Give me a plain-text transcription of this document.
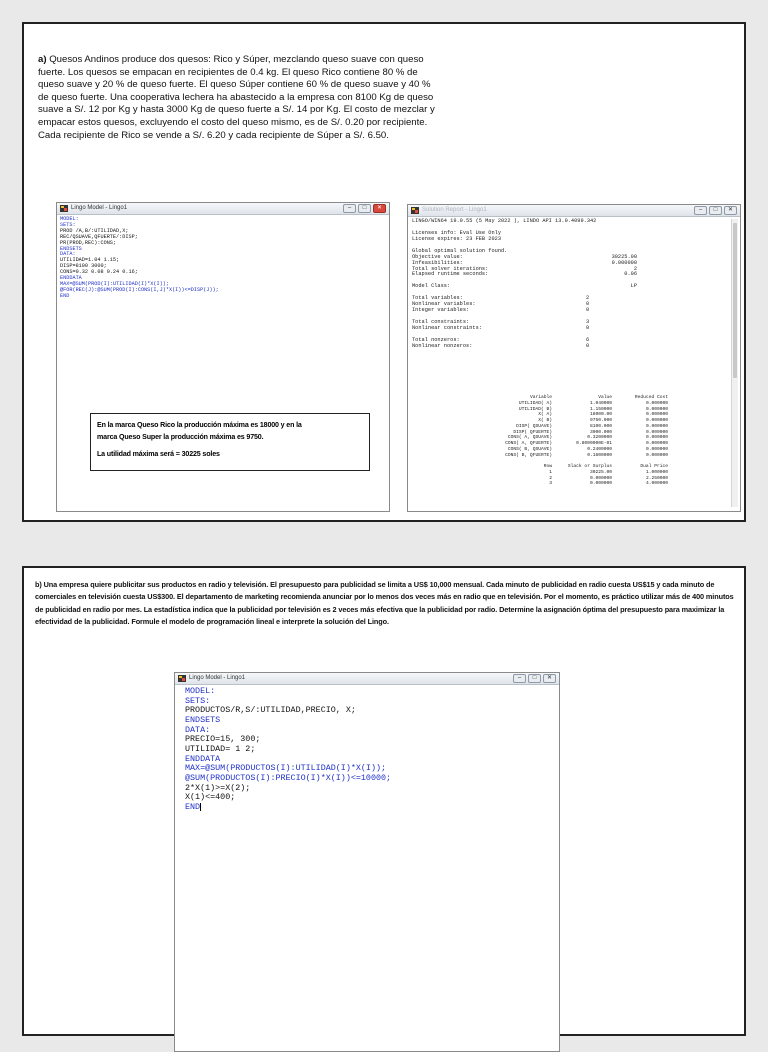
a) Quesos Andinos produce dos quesos: Rico y Súper, mezclando queso suave con queso fuerte. Los quesos se empacan en recipientes de 0.4 kg. El queso Rico contiene 80 % de queso suave y 20 % de queso fuerte. El queso Súper contiene 60 % de queso suave y 40 % de queso fuerte. Una cooperativa lechera ha abastecido a la empresa con 8100 Kg de queso suave a S/. 12 por Kg y hasta 3000 Kg de queso fuerte a S/. 14 por Kg. El costo de mezclar y empacar estos quesos, excluyendo el costo del queso mismo, es de S/. 0.20 por recipiente. Cada recipiente de Rico se vende a S/. 6.20 y cada recipiente de Súper a S/. 6.50.
Lingo Model - Lingo1	–	□	✕
MODEL:
SETS:
PROD /A,B/:UTILIDAD,X;
REC/QSUAVE,QFUERTE/:DISP;
PR(PROD,REC):CONS;
ENDSETS
DATA:
UTILIDAD=1.04 1.15;
DISP=8100 3000;
CONS=0.32 0.08 0.24 0.16;
ENDDATA
MAX=@SUM(PROD(I):UTILIDAD(I)*X(I));
@FOR(REC(J):@SUM(PROD(I):CONS(I,J)*X(I))<=DISP(J));
END

En la marca Queso Rico la producción máxima es 18000 y en la

marca Queso Super la producción máxima es 9750.

La utilidad máxima será = 30225 soles

Solution Report - Lingo1	–	□	✕
LINGO/WIN64 19.0.55 (5 May 2022 ), LINDO API 13.0.4099.342
Licenses info: Eval Use Only
License expires: 23 FEB 2023
Global optimal solution found.
Objective value:	30225.00
Infeasibilities:	0.000000
Total solver iterations:	2
Elapsed runtime seconds:	0.06
Model Class:	LP
Total variables:	2
Nonlinear variables:	0
Integer variables:	0
Total constraints:	3
Nonlinear constraints:	0
Total nonzeros:	6
Nonlinear nonzeros:	0
Variable	Value	Reduced Cost
UTILIDAD( A)	1.040000	0.000000
UTILIDAD( B)	1.150000	0.000000
X( A)	18000.00	0.000000
X( B)	9750.000	0.000000
DISP( QSUAVE)	8100.000	0.000000
DISP( QFUERTE)	3000.000	0.000000
CONS( A, QSUAVE)	0.3200000	0.000000
CONS( A, QFUERTE)	0.8000000E-01	0.000000
CONS( B, QSUAVE)	0.2400000	0.000000
CONS( B, QFUERTE)	0.1600000	0.000000
Row	Slack or Surplus	Dual Price
1	30225.00	1.000000
2	0.000000	2.250000
3	0.000000	4.000000
b) Una empresa quiere publicitar sus productos en radio y televisión. El presupuesto para publicidad se limita a US$ 10,000 mensual. Cada minuto de publicidad en radio cuesta US$15 y cada minuto de comerciales en televisión cuesta US$300. El departamento de marketing recomienda anunciar por lo menos dos veces más en radio que en televisión. Por el momento, es práctico utilizar más de 400 minutos de publicidad en radio por mes. La estadística indica que la publicidad por televisión es 2 veces más efectiva que la publicidad por radio. Determine la asignación óptima del presupuesto para maximizar la efectividad de la publicidad. Formule el modelo de programación lineal e interprete la solución del Lingo.
Lingo Model - Lingo1	–	□	✕
MODEL:
SETS:
PRODUCTOS/R,S/:UTILIDAD,PRECIO, X;
ENDSETS
DATA:
PRECIO=15, 300;
UTILIDAD= 1 2;
ENDDATA
MAX=@SUM(PRODUCTOS(I):UTILIDAD(I)*X(I));
@SUM(PRODUCTOS(I):PRECIO(I)*X(I))<=10000;
2*X(1)>=X(2);
X(1)<=400;
END
